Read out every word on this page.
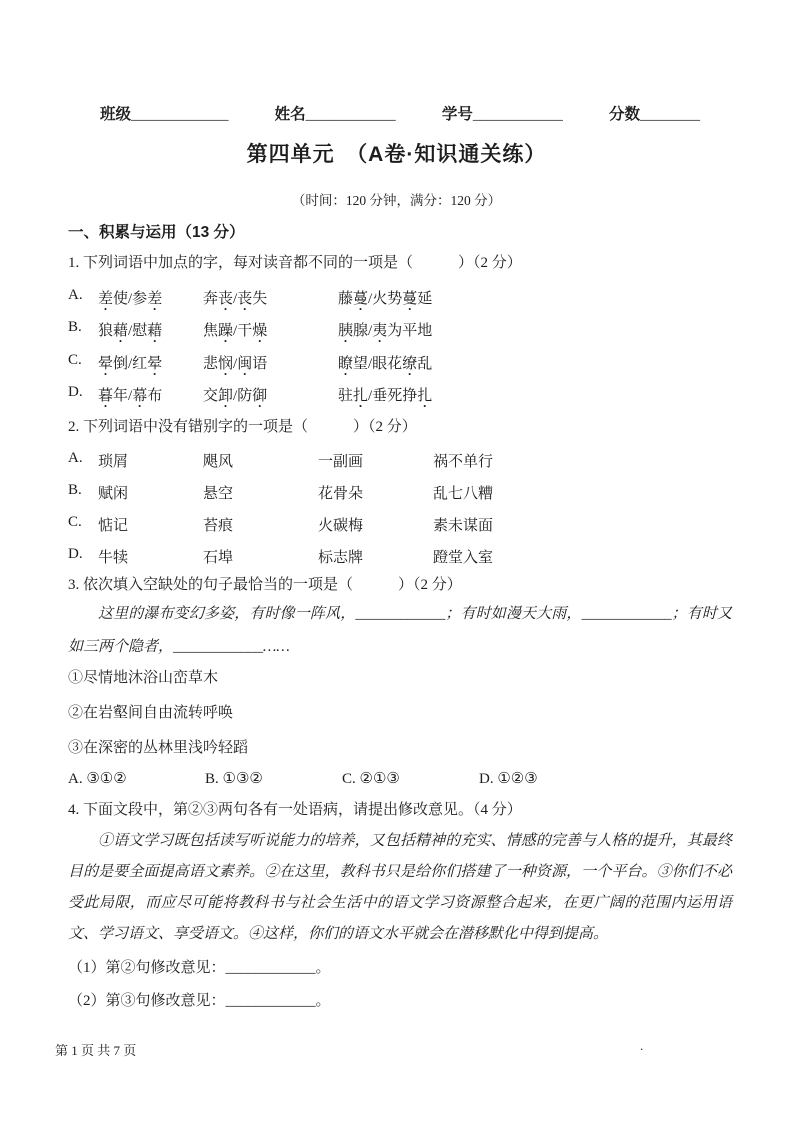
班级_____________	姓名____________	学号____________	分数________
第四单元　（A卷·知识通关练）
（时间：120 分钟，满分：120 分）
一、积累与运用（13 分）
1. 下列词语中加点的字，每对读音都不同的一项是（　　　）（2 分）
A.	差使/参差	奔丧/丧失	藤蔓/火势蔓延
B.	狼藉/慰藉	焦躁/干燥	胰腺/夷为平地
C.	晕倒/红晕	悲悯/闽语	瞭望/眼花缭乱
D.	暮年/幕布	交卸/防御	驻扎/垂死挣扎
2. 下列词语中没有错别字的一项是（　　　）（2 分）
A.	琐屑	飓风	一副画	祸不单行
B.	赋闲	悬空	花骨朵	乱七八糟
C.	惦记	苔痕	火碳梅	素未谋面
D.	牛犊	石埠	标志牌	蹬堂入室
3. 依次填入空缺处的句子最恰当的一项是（　　　）（2 分）
这里的瀑布变幻多姿，有时像一阵风，____________；有时如漫天大雨，____________；有时又如三两个隐者，____________……
①尽情地沐浴山峦草木
②在岩壑间自由流转呼唤
③在深密的丛林里浅吟轻蹈
A. ③①②	B. ①③②	C. ②①③	D. ①②③
4. 下面文段中，第②③两句各有一处语病，请提出修改意见。（4 分）
①语文学习既包括读写听说能力的培养，又包括精神的充实、情感的完善与人格的提升，其最终目的是要全面提高语文素养。②在这里，教科书只是给你们搭建了一种资源，一个平台。③你们不必受此局限，而应尽可能将教科书与社会生活中的语文学习资源整合起来，在更广阔的范围内运用语文、学习语文、享受语文。④这样，你们的语文水平就会在潜移默化中得到提高。
（1）第②句修改意见：____________。
（2）第③句修改意见：____________。
第 1 页 共 7 页	.
